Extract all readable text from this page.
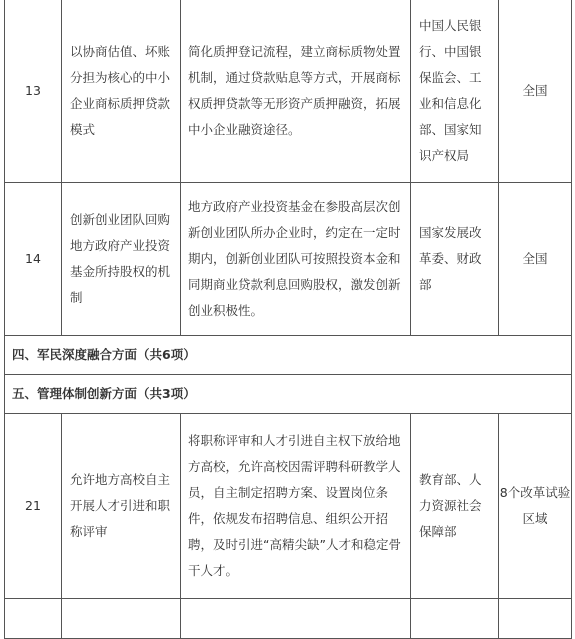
13	以协商估值、坏账分担为核心的中小企业商标质押贷款模式	简化质押登记流程，建立商标质物处置机制，通过贷款贴息等方式，开展商标权质押贷款等无形资产质押融资，拓展中小企业融资途径。	中国人民银行、中国银保监会、工业和信息化部、国家知识产权局	全国
14	创新创业团队回购地方政府产业投资基金所持股权的机制	地方政府产业投资基金在参股高层次创新创业团队所办企业时，约定在一定时期内，创新创业团队可按照投资本金和同期商业贷款利息回购股权，激发创新创业积极性。	国家发展改革委、财政部	全国
四、军民深度融合方面（共6项）				
五、管理体制创新方面（共3项）				
21	允许地方高校自主开展人才引进和职称评审	将职称评审和人才引进自主权下放给地方高校，允许高校因需评聘科研教学人员，自主制定招聘方案、设置岗位条件，依规发布招聘信息、组织公开招聘，及时引进“高精尖缺”人才和稳定骨干人才。	教育部、人力资源社会保障部	8个改革试验区域
